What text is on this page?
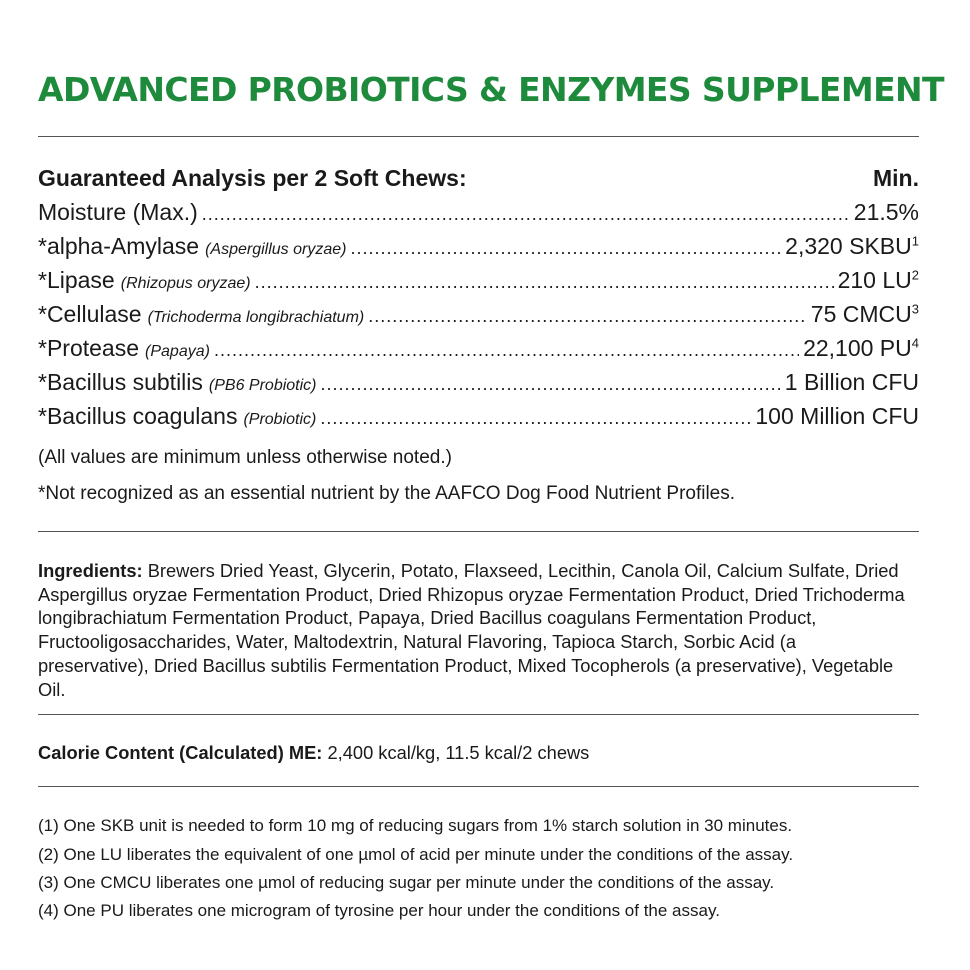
ADVANCED PROBIOTICS & ENZYMES SUPPLEMENT
Guaranteed Analysis per 2 Soft Chews:	Min.
Moisture (Max.) .....	21.5%
*alpha-Amylase (Aspergillus oryzae) .....	2,320 SKBU$^1$
*Lipase (Rhizopus oryzae) .....	210 $LU^2$
*Cellulase (Trichoderma longibrachiatum) .....	75 CMCU$^3$
*Protease (Papaya) .....	22,100 $PU^4$
*Bacillus subtilis (PB6 Probiotic) .....	1 Billion CFU
*Bacillus coagulans (Probiotic) .....	100 Million CFU
(All values are minimum unless otherwise noted.)
*Not recognized as an essential nutrient by the AAFCO Dog Food Nutrient Profiles.
Ingredients: Brewers Dried Yeast, Glycerin, Potato, Flaxseed, Lecithin, Canola Oil, Calcium Sulfate, Dried Aspergillus oryzae Fermentation Product, Dried Rhizopus oryzae Fermentation Product, Dried Trichoderma longibrachiatum Fermentation Product, Papaya, Dried Bacillus coagulans Fermentation Product, Fructooligosaccharides, Water, Maltodextrin, Natural Flavoring, Tapioca Starch, Sorbic Acid (a preservative), Dried Bacillus subtilis Fermentation Product, Mixed Tocopherols (a preservative), Vegetable Oil.
Calorie Content (Calculated) ME: 2,400 kcal/kg, 11.5 kcal/2 chews
(1) One SKB unit is needed to form 10 mg of reducing sugars from 1% starch solution in 30 minutes.
(2) One LU liberates the equivalent of one µmol of acid per minute under the conditions of the assay.
(3) One CMCU liberates one µmol of reducing sugar per minute under the conditions of the assay.
(4) One PU liberates one microgram of tyrosine per hour under the conditions of the assay.
